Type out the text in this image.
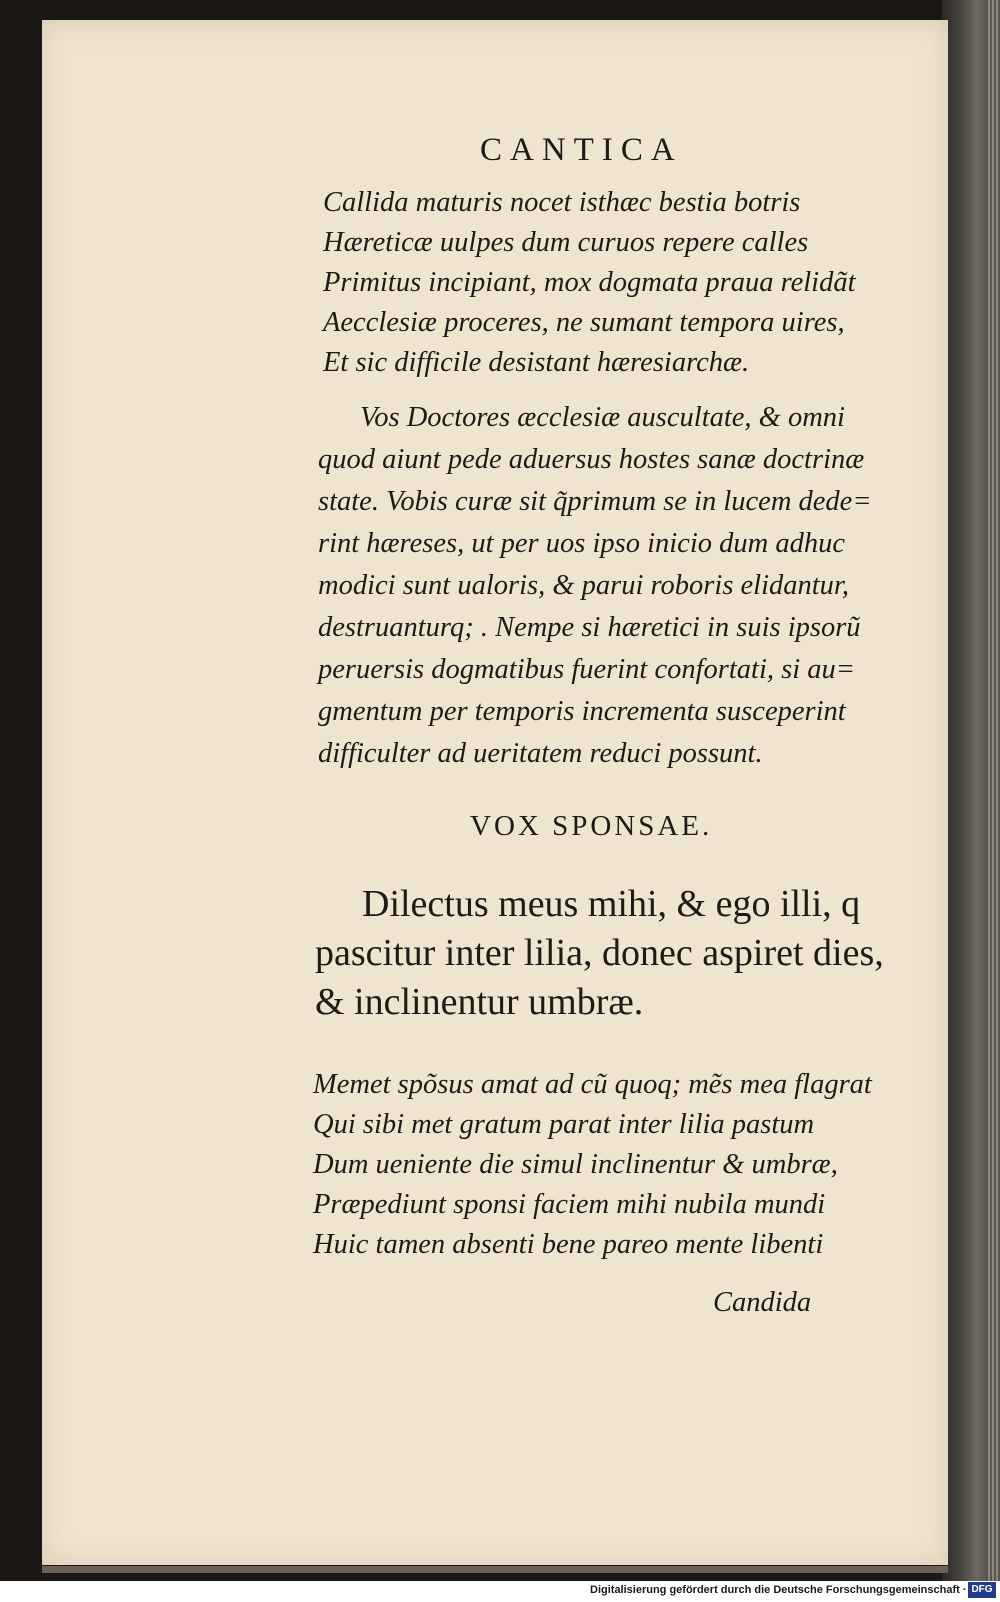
CANTICA
Callida maturis nocet isthæc bestia botris
Hæreticæ uulpes dum curuos repere calles
Primitus incipiant, mox dogmata praua relidãt
Aecclesiæ proceres, ne sumant tempora uires,
Et sic difficile desistant hæresiarchæ.
Vos Doctores æcclesiæ auscultate, & omni
quod aiunt pede aduersus hostes sanæ doctrinæ
state. Vobis curæ sit q̃primum se in lucem dede=
rint hæreses, ut per uos ipso inicio dum adhuc
modici sunt ualoris, & parui roboris elidantur,
destruanturq; . Nempe si hæretici in suis ipsorũ
peruersis dogmatibus fuerint confortati, si au=
gmentum per temporis incrementa susceperint
difficulter ad ueritatem reduci possunt.
VOX SPONSAE.
Dilectus meus mihi, & ego illi, q
pascitur inter lilia, donec aspiret dies,
& inclinentur umbræ.
Memet spõsus amat ad cũ quoq; mẽs mea flagrat
Qui sibi met gratum parat inter lilia pastum
Dum ueniente die simul inclinentur & umbræ,
Præpediunt sponsi faciem mihi nubila mundi
Huic tamen absenti bene pareo mente libenti
Candida
Digitalisierung gefördert durch die Deutsche Forschungsgemeinschaft · DFG
